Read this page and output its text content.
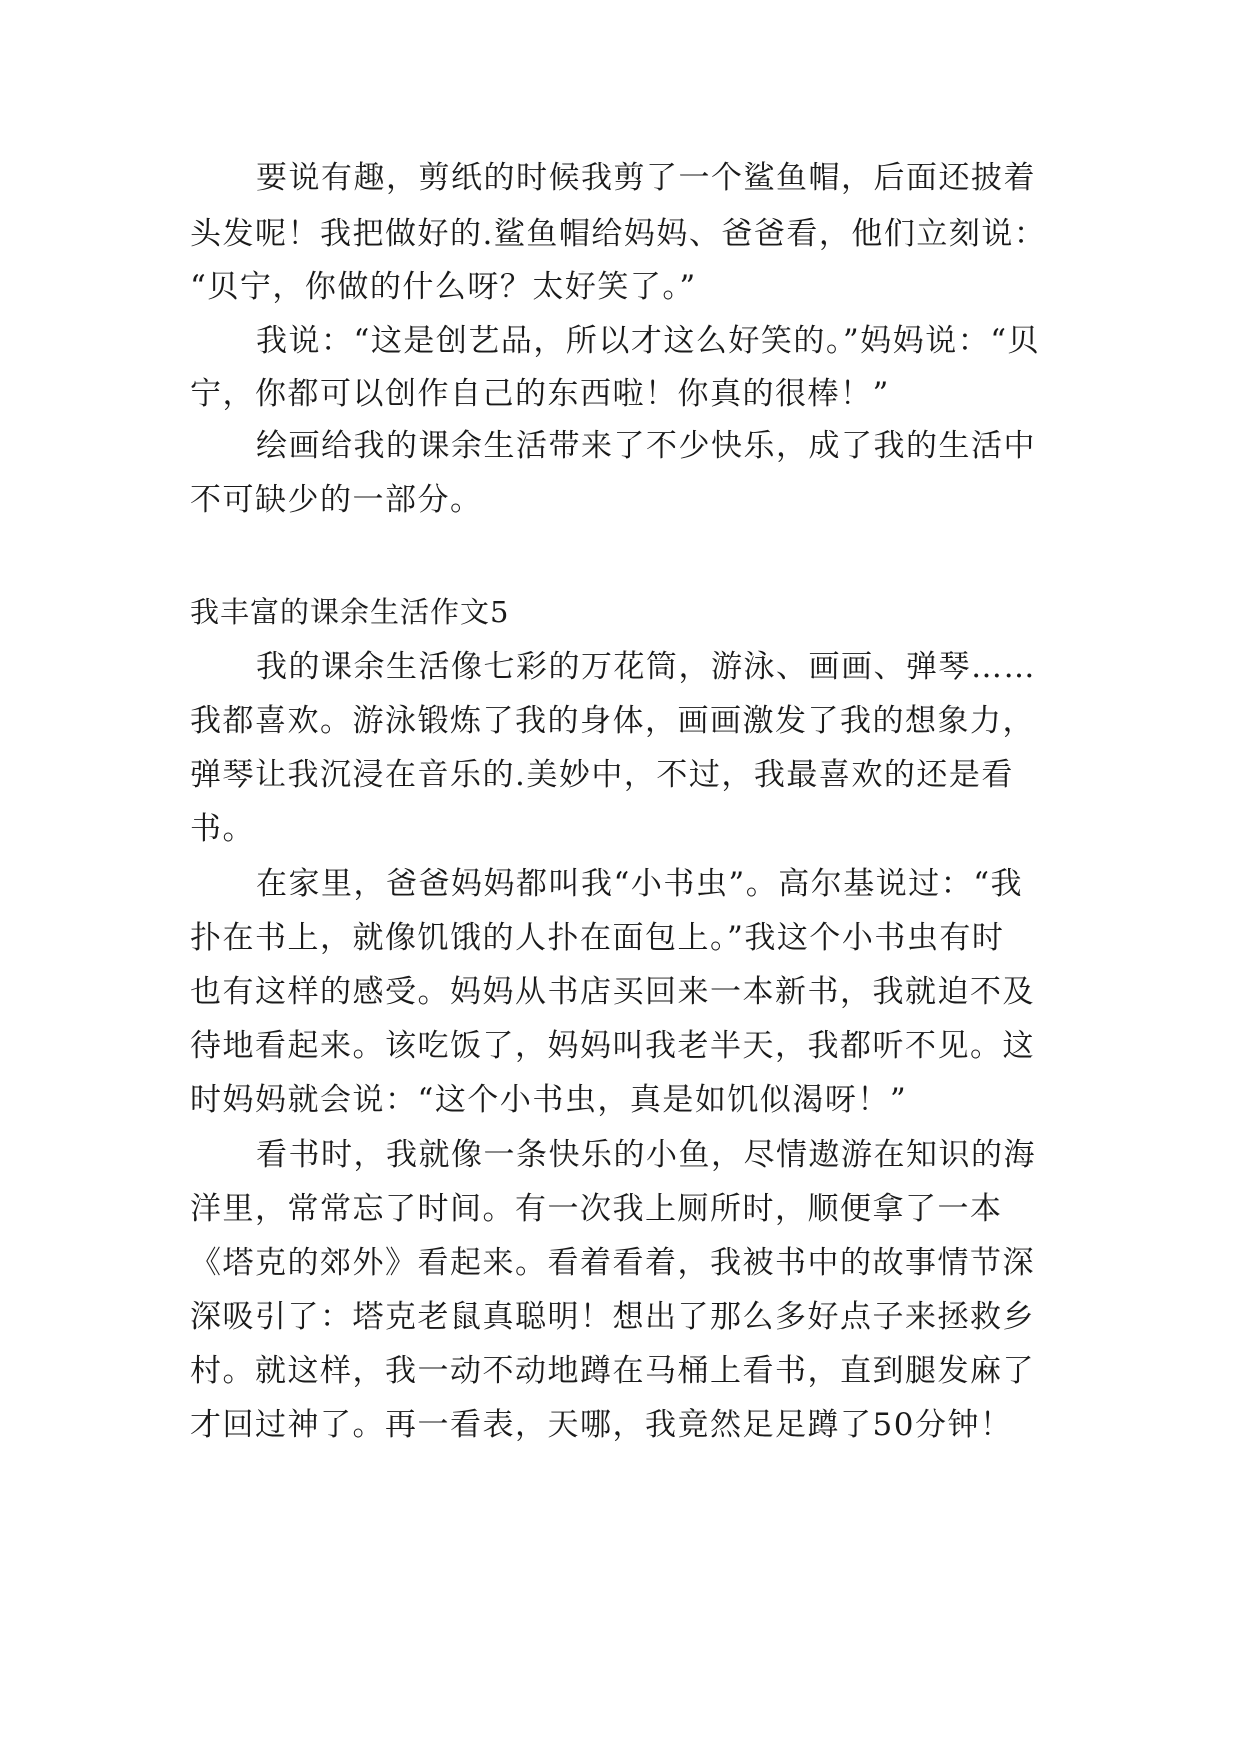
要说有趣，剪纸的时候我剪了一个鲨鱼帽，后面还披着
头发呢！我把做好的.鲨鱼帽给妈妈、爸爸看，他们立刻说：
“贝宁，你做的什么呀？太好笑了。”
我说：“这是创艺品，所以才这么好笑的。”妈妈说：“贝
宁，你都可以创作自己的东西啦！你真的很棒！”
绘画给我的课余生活带来了不少快乐，成了我的生活中
不可缺少的一部分。
我丰富的课余生活作文5
我的课余生活像七彩的万花筒，游泳、画画、弹琴……
我都喜欢。游泳锻炼了我的身体，画画激发了我的想象力，
弹琴让我沉浸在音乐的.美妙中，不过，我最喜欢的还是看
书。
在家里，爸爸妈妈都叫我“小书虫”。高尔基说过：“我
扑在书上，就像饥饿的人扑在面包上。”我这个小书虫有时
也有这样的感受。妈妈从书店买回来一本新书，我就迫不及
待地看起来。该吃饭了，妈妈叫我老半天，我都听不见。这
时妈妈就会说：“这个小书虫，真是如饥似渴呀！”
看书时，我就像一条快乐的小鱼，尽情遨游在知识的海
洋里，常常忘了时间。有一次我上厕所时，顺便拿了一本
《塔克的郊外》看起来。看着看着，我被书中的故事情节深
深吸引了：塔克老鼠真聪明！想出了那么多好点子来拯救乡
村。就这样，我一动不动地蹲在马桶上看书，直到腿发麻了
才回过神了。再一看表，天哪，我竟然足足蹲了50分钟！
